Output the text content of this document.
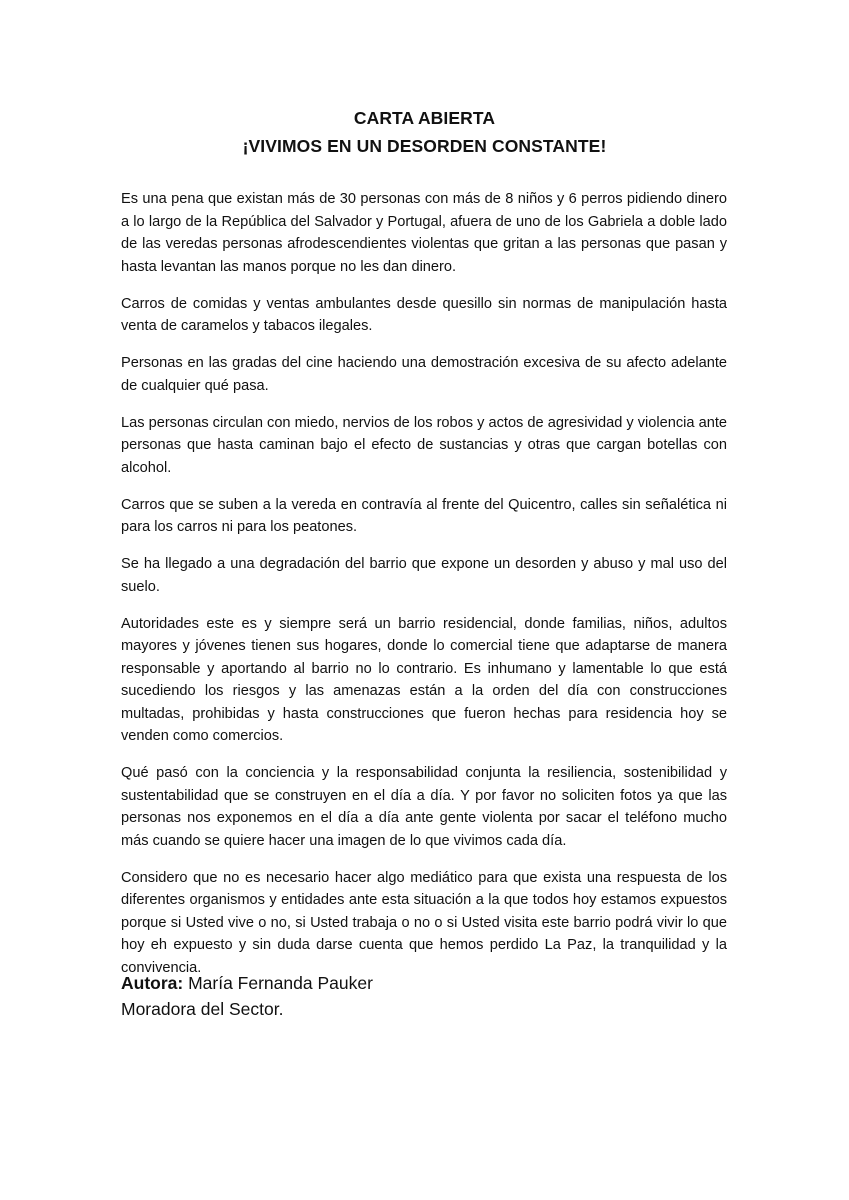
CARTA ABIERTA
¡VIVIMOS EN UN DESORDEN CONSTANTE!

Es una pena que existan más de 30 personas con más de 8 niños y 6 perros pidiendo dinero a lo largo de la República del Salvador y Portugal, afuera de uno de los Gabriela a doble lado de las veredas personas afrodescendientes violentas que gritan a las personas que pasan y hasta levantan las manos porque no les dan dinero.

Carros de comidas y ventas ambulantes desde quesillo sin normas de manipulación hasta venta de caramelos y tabacos ilegales.

Personas en las gradas del cine haciendo una demostración excesiva de su afecto adelante de cualquier qué pasa.

Las personas circulan con miedo, nervios de los robos y actos de agresividad y violencia ante personas que hasta caminan bajo el efecto de sustancias y otras que cargan botellas con alcohol.

Carros que se suben a la vereda en contravía al frente del Quicentro, calles sin señalética ni para los carros ni para los peatones.

Se ha llegado a una degradación del barrio que expone un desorden y abuso y mal uso del suelo.

Autoridades este es y siempre será un barrio residencial, donde familias, niños, adultos mayores y jóvenes tienen sus hogares, donde lo comercial tiene que adaptarse de manera responsable y aportando al barrio no lo contrario. Es inhumano y lamentable lo que está sucediendo los riesgos y las amenazas están a la orden del día con construcciones multadas, prohibidas y hasta construcciones que fueron hechas para residencia hoy se venden como comercios.

Qué pasó con la conciencia y la responsabilidad conjunta la resiliencia, sostenibilidad y sustentabilidad que se construyen en el día a día. Y por favor no soliciten fotos ya que las personas nos exponemos en el día a día ante gente violenta por sacar el teléfono mucho más cuando se quiere hacer una imagen de lo que vivimos cada día.

Considero que no es necesario hacer algo mediático para que exista una respuesta de los diferentes organismos y entidades ante esta situación a la que todos hoy estamos expuestos porque si Usted vive o no, si Usted trabaja o no o si Usted visita este barrio podrá vivir lo que hoy eh expuesto y sin duda darse cuenta que hemos perdido La Paz, la tranquilidad y la convivencia.

Autora: María Fernanda Pauker
Moradora del Sector.
